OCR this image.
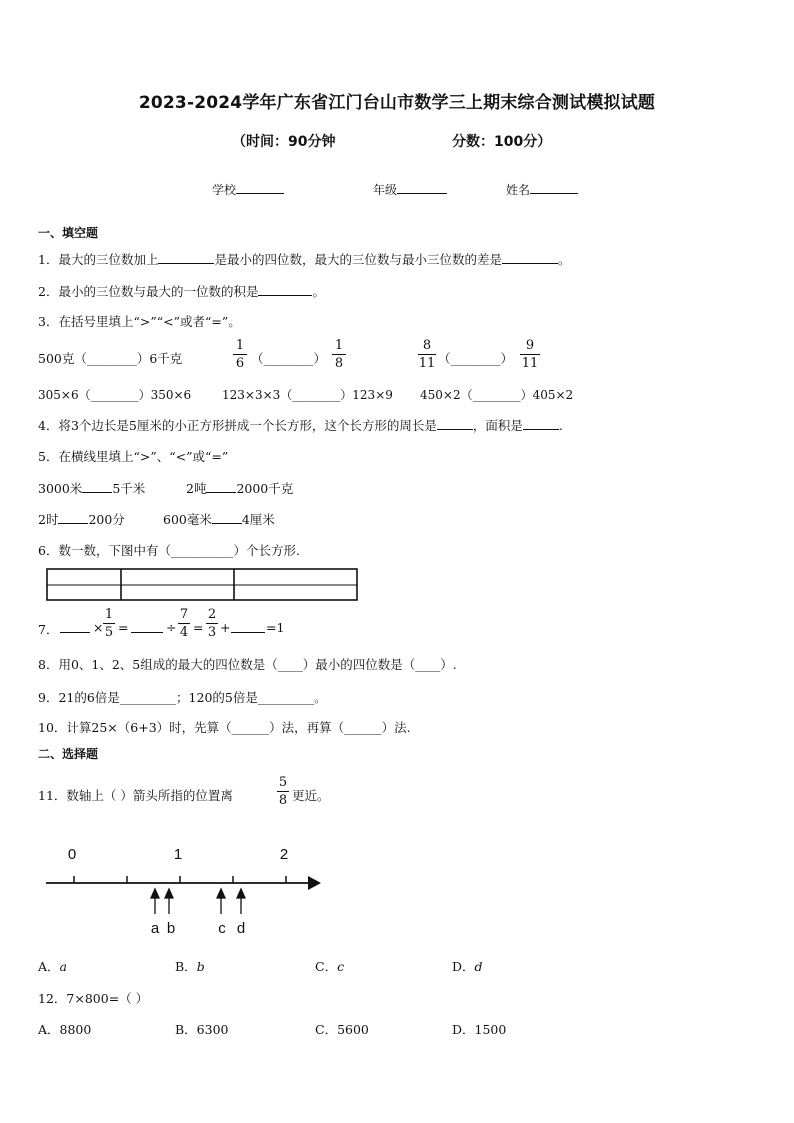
2023-2024学年广东省江门台山市数学三上期末综合测试模拟试题
（时间：90分钟	分数：100分）
学校	年级	姓名
一、填空题
1．最大的三位数加上	是最小的四位数，最大的三位数与最小三位数的差是	。
2．最小的三位数与最大的一位数的积是	。
3．在括号里填上“>”“<”或者“=”。
500克（________）6千克
1
6 （________）
1
8
8
11 （________）
9
11
305×6（________）350×6	123×3×3（________）123×9 450×2（________）405×2
4．将3个边长是5厘米的小正方形拼成一个长方形，这个长方形的周长是	，面积是	.
5．在横线里填上“>”、“<”或“=”
3000米 5千米	2吨 2000千克
2时 200分	600毫米 4厘米
6．数一数，下图中有（__________）个长方形.
7．	×
1
5 =	÷
7
4 =
2
3 +	=1
8．用0、1、2、5组成的最大的四位数是（____）最小的四位数是（____）.
9．21的6倍是_________；120的5倍是_________。
10．计算25×（6+3）时，先算（______）法，再算（______）法.
二、选择题
11．数轴上（ ）箭头所指的位置离
5
8 更近。
0	1	2
a b	c d
A．a	B．b	C．c	D．d
12．7×800=（ ）
A．8800	B．6300	C．5600	D．1500
